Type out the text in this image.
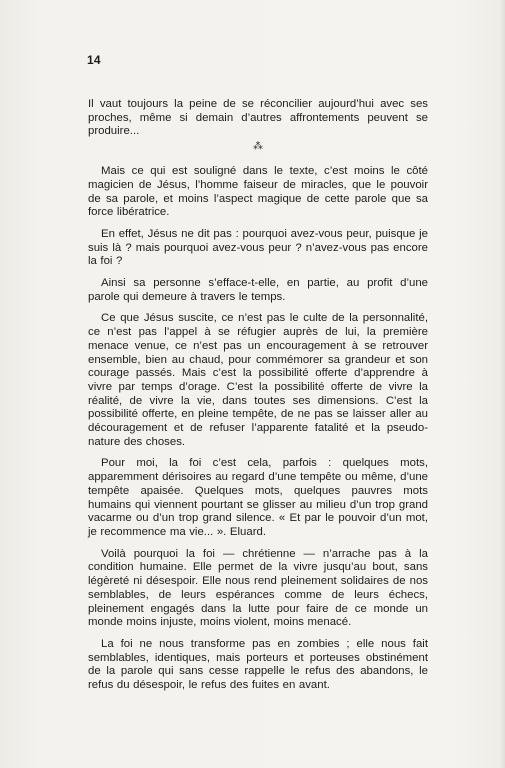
14

Il vaut toujours la peine de se réconcilier aujourd’hui avec ses proches, même si demain d’autres affrontements peuvent se produire...

⁂

Mais ce qui est souligné dans le texte, c’est moins le côté magicien de Jésus, l’homme faiseur de miracles, que le pouvoir de sa parole, et moins l’aspect magique de cette parole que sa force libératrice.

En effet, Jésus ne dit pas : pourquoi avez-vous peur, puisque je suis là ? mais pourquoi avez-vous peur ? n’avez-vous pas encore la foi ?

Ainsi sa personne s’efface-t-elle, en partie, au profit d’une parole qui demeure à travers le temps.

Ce que Jésus suscite, ce n’est pas le culte de la personnalité, ce n’est pas l’appel à se réfugier auprès de lui, la première menace venue, ce n’est pas un encouragement à se retrouver ensemble, bien au chaud, pour commémorer sa grandeur et son courage passés. Mais c’est la possibilité offerte d’apprendre à vivre par temps d’orage. C’est la possibilité offerte de vivre la réalité, de vivre la vie, dans toutes ses dimensions. C’est la possibilité offerte, en pleine tempête, de ne pas se laisser aller au découragement et de refuser l’apparente fatalité et la pseudo-nature des choses.

Pour moi, la foi c’est cela, parfois : quelques mots, apparemment dérisoires au regard d’une tempête ou même, d’une tempête apaisée. Quelques mots, quelques pauvres mots humains qui viennent pourtant se glisser au milieu d’un trop grand vacarme ou d’un trop grand silence. « Et par le pouvoir d’un mot, je recommence ma vie... ». Eluard.

Voilà pourquoi la foi — chrétienne — n’arrache pas à la condition humaine. Elle permet de la vivre jusqu’au bout, sans légèreté ni désespoir. Elle nous rend pleinement solidaires de nos semblables, de leurs espérances comme de leurs échecs, pleinement engagés dans la lutte pour faire de ce monde un monde moins injuste, moins violent, moins menacé.

La foi ne nous transforme pas en zombies ; elle nous fait semblables, identiques, mais porteurs et porteuses obstinément de la parole qui sans cesse rappelle le refus des abandons, le refus du désespoir, le refus des fuites en avant.
